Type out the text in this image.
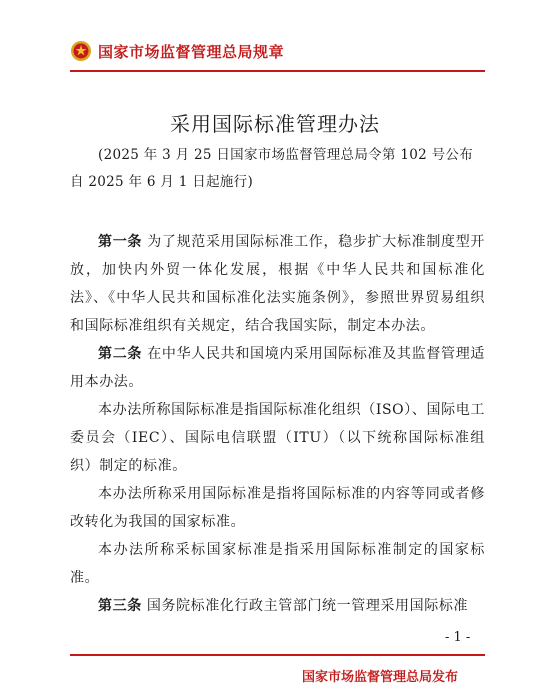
国家市场监督管理总局规章
采用国际标准管理办法
(2025 年 3 月 25 日国家市场监督管理总局令第 102 号公布
自 2025 年 6 月 1 日起施行)

第一条 为了规范采用国际标准工作，稳步扩大标准制度型开放，加快内外贸一体化发展，根据《中华人民共和国标准化法》、《中华人民共和国标准化法实施条例》，参照世界贸易组织和国际标准组织有关规定，结合我国实际，制定本办法。

第二条 在中华人民共和国境内采用国际标准及其监督管理适用本办法。

本办法所称国际标准是指国际标准化组织（ISO）、国际电工委员会（IEC）、国际电信联盟（ITU）（以下统称国际标准组织）制定的标准。

本办法所称采用国际标准是指将国际标准的内容等同或者修改转化为我国的国家标准。

本办法所称采标国家标准是指采用国际标准制定的国家标准。

第三条 国务院标准化行政主管部门统一管理采用国际标准

- 1 -
国家市场监督管理总局发布
